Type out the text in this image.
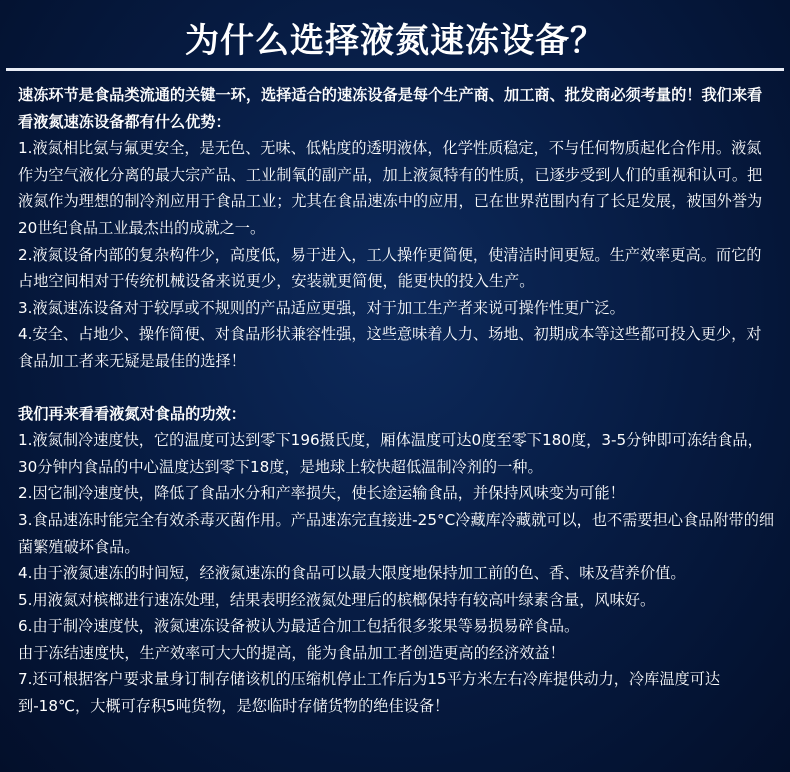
为什么选择液氮速冻设备？

速冻环节是食品类流通的关键一环，选择适合的速冻设备是每个生产商、加工商、批发商必须考量的！我们来看看液氮速冻设备都有什么优势：

1.液氮相比氨与氟更安全，是无色、无味、低粘度的透明液体，化学性质稳定，不与任何物质起化合作用。液氮作为空气液化分离的最大宗产品、工业制氧的副产品，加上液氮特有的性质，已逐步受到人们的重视和认可。把液氮作为理想的制冷剂应用于食品工业；尤其在食品速冻中的应用，已在世界范围内有了长足发展，被国外誉为20世纪食品工业最杰出的成就之一。

2.液氮设备内部的复杂构件少，高度低，易于进入，工人操作更简便，使清洁时间更短。生产效率更高。而它的占地空间相对于传统机械设备来说更少，安装就更简便，能更快的投入生产。

3.液氮速冻设备对于较厚或不规则的产品适应更强，对于加工生产者来说可操作性更广泛。

4.安全、占地少、操作简便、对食品形状兼容性强，这些意味着人力、场地、初期成本等这些都可投入更少，对食品加工者来无疑是最佳的选择！

我们再来看看液氮对食品的功效：

1.液氮制冷速度快，它的温度可达到零下196摄氏度，厢体温度可达0度至零下180度，3-5分钟即可冻结食品，30分钟内食品的中心温度达到零下18度，是地球上较快超低温制冷剂的一种。

2.因它制冷速度快，降低了食品水分和产率损失，使长途运输食品，并保持风味变为可能！

3.食品速冻时能完全有效杀毒灭菌作用。产品速冻完直接进-25°C冷藏库冷藏就可以，也不需要担心食品附带的细菌繁殖破坏食品。

4.由于液氮速冻的时间短，经液氮速冻的食品可以最大限度地保持加工前的色、香、味及营养价值。

5.用液氮对槟榔进行速冻处理，结果表明经液氮处理后的槟榔保持有较高叶绿素含量，风味好。

6.由于制冷速度快，液氮速冻设备被认为最适合加工包括很多浆果等易损易碎食品。

由于冻结速度快，生产效率可大大的提高，能为食品加工者创造更高的经济效益！

7.还可根据客户要求量身订制存储该机的压缩机停止工作后为15平方米左右冷库提供动力，冷库温度可达到-18℃，大概可存积5吨货物，是您临时存储货物的绝佳设备！
